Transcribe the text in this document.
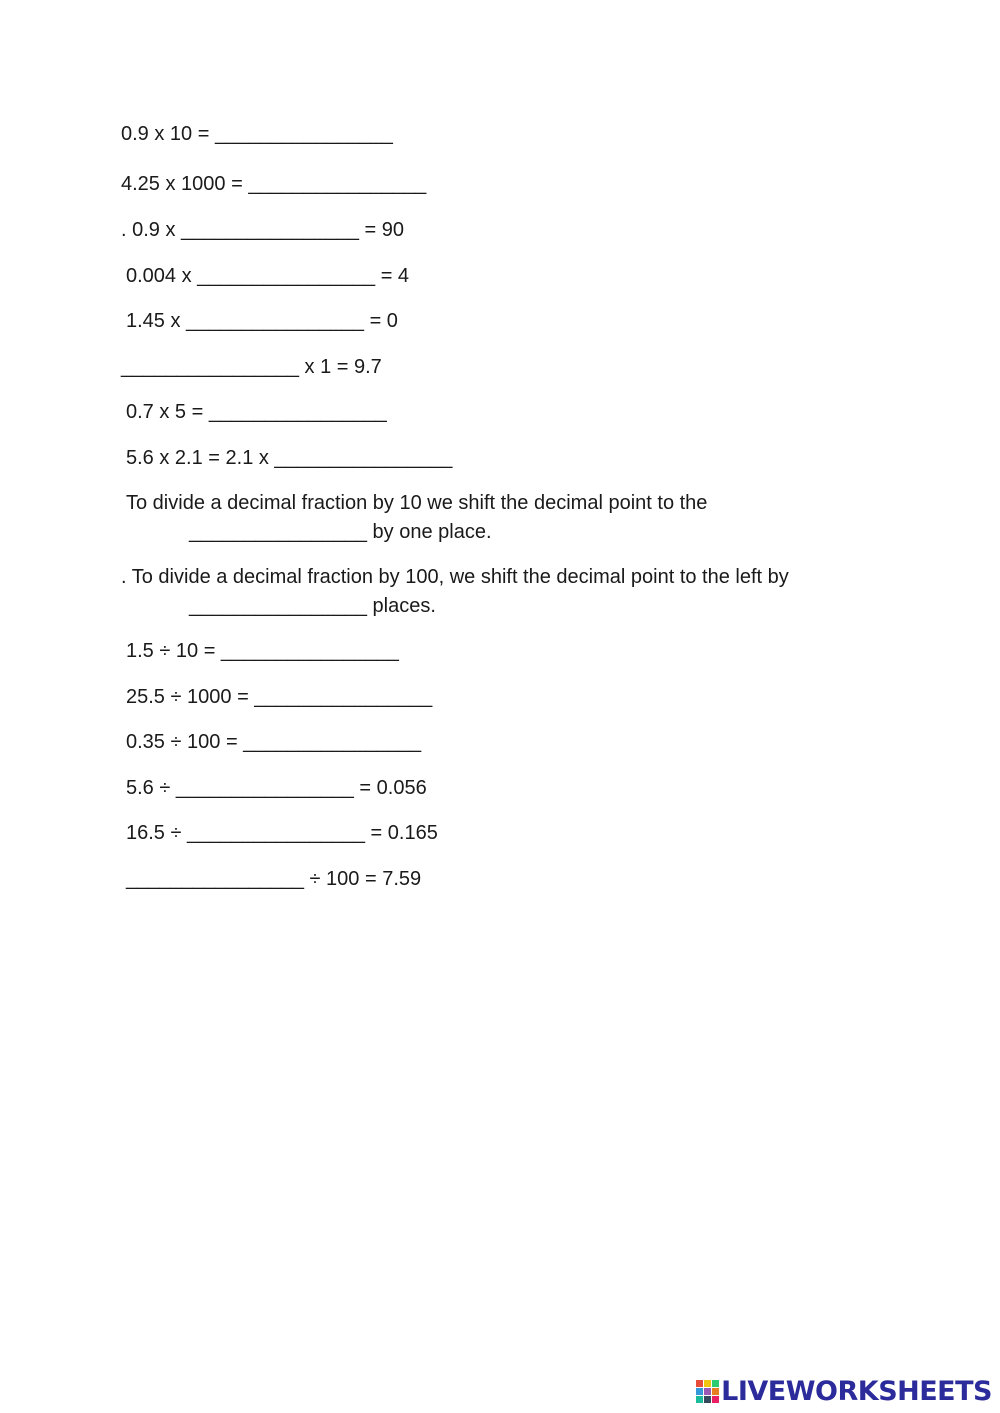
0.9 x 10 = ________________

4.25 x 1000 = ________________

. 0.9 x ________________ = 90

0.004 x ________________ = 4

1.45 x ________________ = 0

________________ x 1 = 9.7

0.7 x 5 = ________________

5.6 x 2.1 = 2.1 x ________________

To divide a decimal fraction by 10 we shift the decimal point to the

________________ by one place.

. To divide a decimal fraction by 100, we shift the decimal point to the left by

________________ places.

1.5 ÷ 10 = ________________

25.5 ÷ 1000 = ________________

0.35 ÷ 100 = ________________

5.6 ÷ ________________ = 0.056

16.5 ÷ ________________ = 0.165

________________ ÷ 100 = 7.59

LIVEWORKSHEETS
